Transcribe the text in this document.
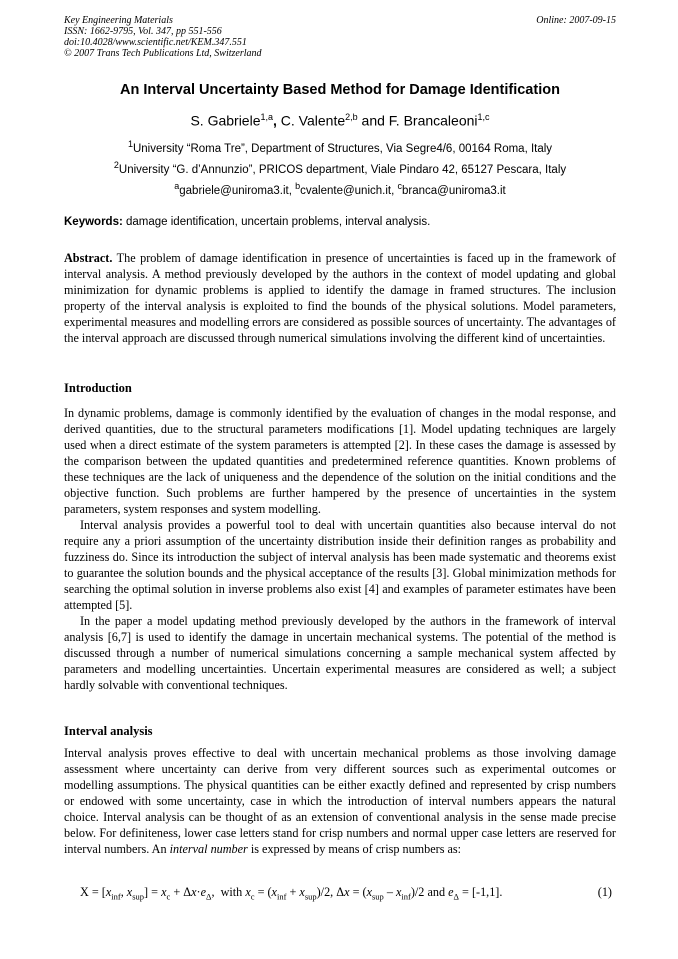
Key Engineering Materials
ISSN: 1662-9795, Vol. 347, pp 551-556
doi:10.4028/www.scientific.net/KEM.347.551
© 2007 Trans Tech Publications Ltd, Switzerland
Online: 2007-09-15
An Interval Uncertainty Based Method for Damage Identification
S. Gabriele$^{1,a}$, C. Valente$^{2,b}$ and F. Brancaleoni$^{1,c}$
$^1$University “Roma Tre”, Department of Structures, Via Segre4/6, 00164 Roma, Italy
$^2$University “G. d’Annunzio”, PRICOS department, Viale Pindaro 42, 65127 Pescara, Italy
$^a$gabriele@uniroma3.it, $^b$cvalente@unich.it, $^c$branca@uniroma3.it
Keywords: damage identification, uncertain problems, interval analysis.
Abstract. The problem of damage identification in presence of uncertainties is faced up in the framework of interval analysis. A method previously developed by the authors in the context of model updating and global minimization for dynamic problems is applied to identify the damage in framed structures. The inclusion property of the interval analysis is exploited to find the bounds of the physical solutions. Model parameters, experimental measures and modelling errors are considered as possible sources of uncertainty. The advantages of the interval approach are discussed through numerical simulations involving the different kind of uncertainties.
Introduction

In dynamic problems, damage is commonly identified by the evaluation of changes in the modal response, and derived quantities, due to the structural parameters modifications [1]. Model updating techniques are largely used when a direct estimate of the system parameters is attempted [2]. In these cases the damage is assessed by the comparison between the updated quantities and predetermined reference quantities. Known problems of these techniques are the lack of uniqueness and the dependence of the solution on the initial conditions and the objective function. Such problems are further hampered by the presence of uncertainties in the system parameters, system responses and system modelling.

Interval analysis provides a powerful tool to deal with uncertain quantities also because interval do not require any a priori assumption of the uncertainty distribution inside their definition ranges as probability and fuzziness do. Since its introduction the subject of interval analysis has been made systematic and theorems exist to guarantee the solution bounds and the physical acceptance of the results [3]. Global minimization methods for searching the optimal solution in inverse problems also exist [4] and examples of parameter estimates have been attempted [5].

In the paper a model updating method previously developed by the authors in the framework of interval analysis [6,7] is used to identify the damage in uncertain mechanical systems. The potential of the method is discussed through a number of numerical simulations concerning a sample mechanical system affected by parameters and modelling uncertainties. Uncertain experimental measures are considered as well; a subject hardly solvable with conventional techniques.

Interval analysis

Interval analysis proves effective to deal with uncertain mechanical problems as those involving damage assessment where uncertainty can derive from very different sources such as experimental outcomes or modelling assumptions. The physical quantities can be either exactly defined and represented by crisp numbers or endowed with some uncertainty, case in which the introduction of interval numbers appears the natural choice. Interval analysis can be thought of as an extension of conventional analysis in the sense made precise below. For definiteness, lower case letters stand for crisp numbers and normal upper case letters are reserved for interval numbers. An interval number is expressed by means of crisp numbers as:

$X = [x_{inf}$, $x_{sup}] = x_c + \Delta x\cdot e_\Delta$,  with $x_c = (x_{inf} + x_{sup})/2$, $\Delta x = (x_{sup} - x_{inf})/2$ and $e_\Delta = [-1,1]$.	(1)
